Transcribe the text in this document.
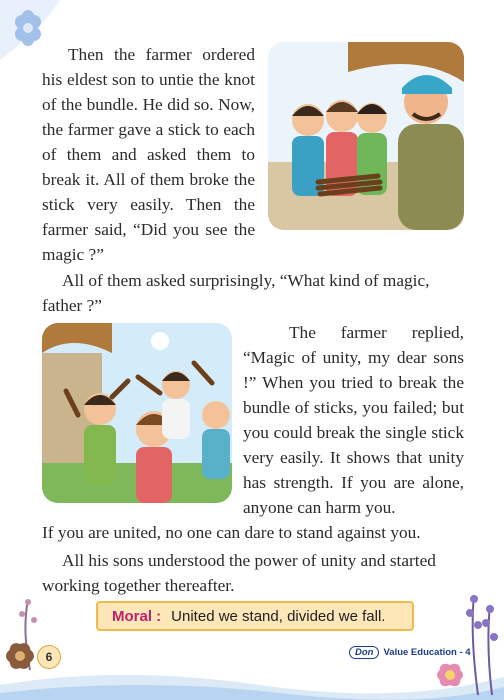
Then the farmer ordered his eldest son to untie the knot of the bundle. He did so. Now, the farmer gave a stick to each of them and asked them to break it. All of them broke the stick very easily. Then the farmer said, “Did you see the magic ?”

All of them asked surprisingly, “What kind of magic, father ?”

The farmer replied, “Magic of unity, my dear sons !” When you tried to break the bundle of sticks, you failed; but you could break the single stick very easily. It shows that unity has strength. If you are alone, anyone can harm you.

If you are united, no one can dare to stand against you.

All his sons understood the power of unity and started working together thereafter.

Moral : United we stand, divided we fall.
6	Don	Value Education - 4
